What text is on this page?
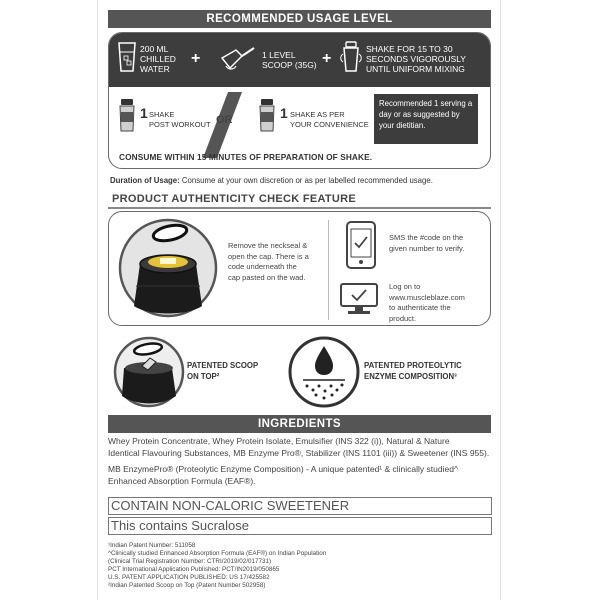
RECOMMENDED USAGE LEVEL
200 ML
CHILLED
WATER
+	1 LEVEL
SCOOP (35G) +
SHAKE FOR 15 TO 30
SECONDS VIGOROUSLY
UNTIL UNIFORM MIXING
1 SHAKE
POST WORKOUT OR	1 SHAKE AS PER
YOUR CONVENIENCE
Recommended 1 serving a day or as suggested by your dietitian.
CONSUME WITHIN 15 MINUTES OF PREPARATION OF SHAKE.
Duration of Usage: Consume at your own discretion or as per labelled recommended usage.
PRODUCT AUTHENTICITY CHECK FEATURE
Remove the neckseal &
open the cap. There is a
code underneath the
cap pasted on the wad.
SMS the #code on the
given number to verify.
Log on to
www.muscleblaze.com
to authenticate the
product.
PATENTED SCOOP
ON TOP²
PATENTED PROTEOLYTIC
ENZYME COMPOSITION³
INGREDIENTS
Whey Protein Concentrate, Whey Protein Isolate, Emulsifier (INS 322 (i)), Natural & Nature
Identical Flavouring Substances, MB Enzyme Pro®, Stabilizer (INS 1101 (iii)) & Sweetener (INS 955).
MB EnzymePro® (Proteolytic Enzyme Composition) - A unique patented¹ & clinically studied^
Enhanced Absorption Formula (EAF®).
CONTAIN NON-CALORIC SWEETENER
This contains Sucralose
¹Indian Patent Number: 511058
^Clinically studied Enhanced Absorption Formula (EAF®) on Indian Population
(Clinical Trial Registration Number: CTRI/2019/02/017731)
PCT International Application Published: PCT/IN2019/050865
U.S. PATENT APPLICATION PUBLISHED: US 17/425582
²Indian Patented Scoop on Top (Patent Number 502958)
